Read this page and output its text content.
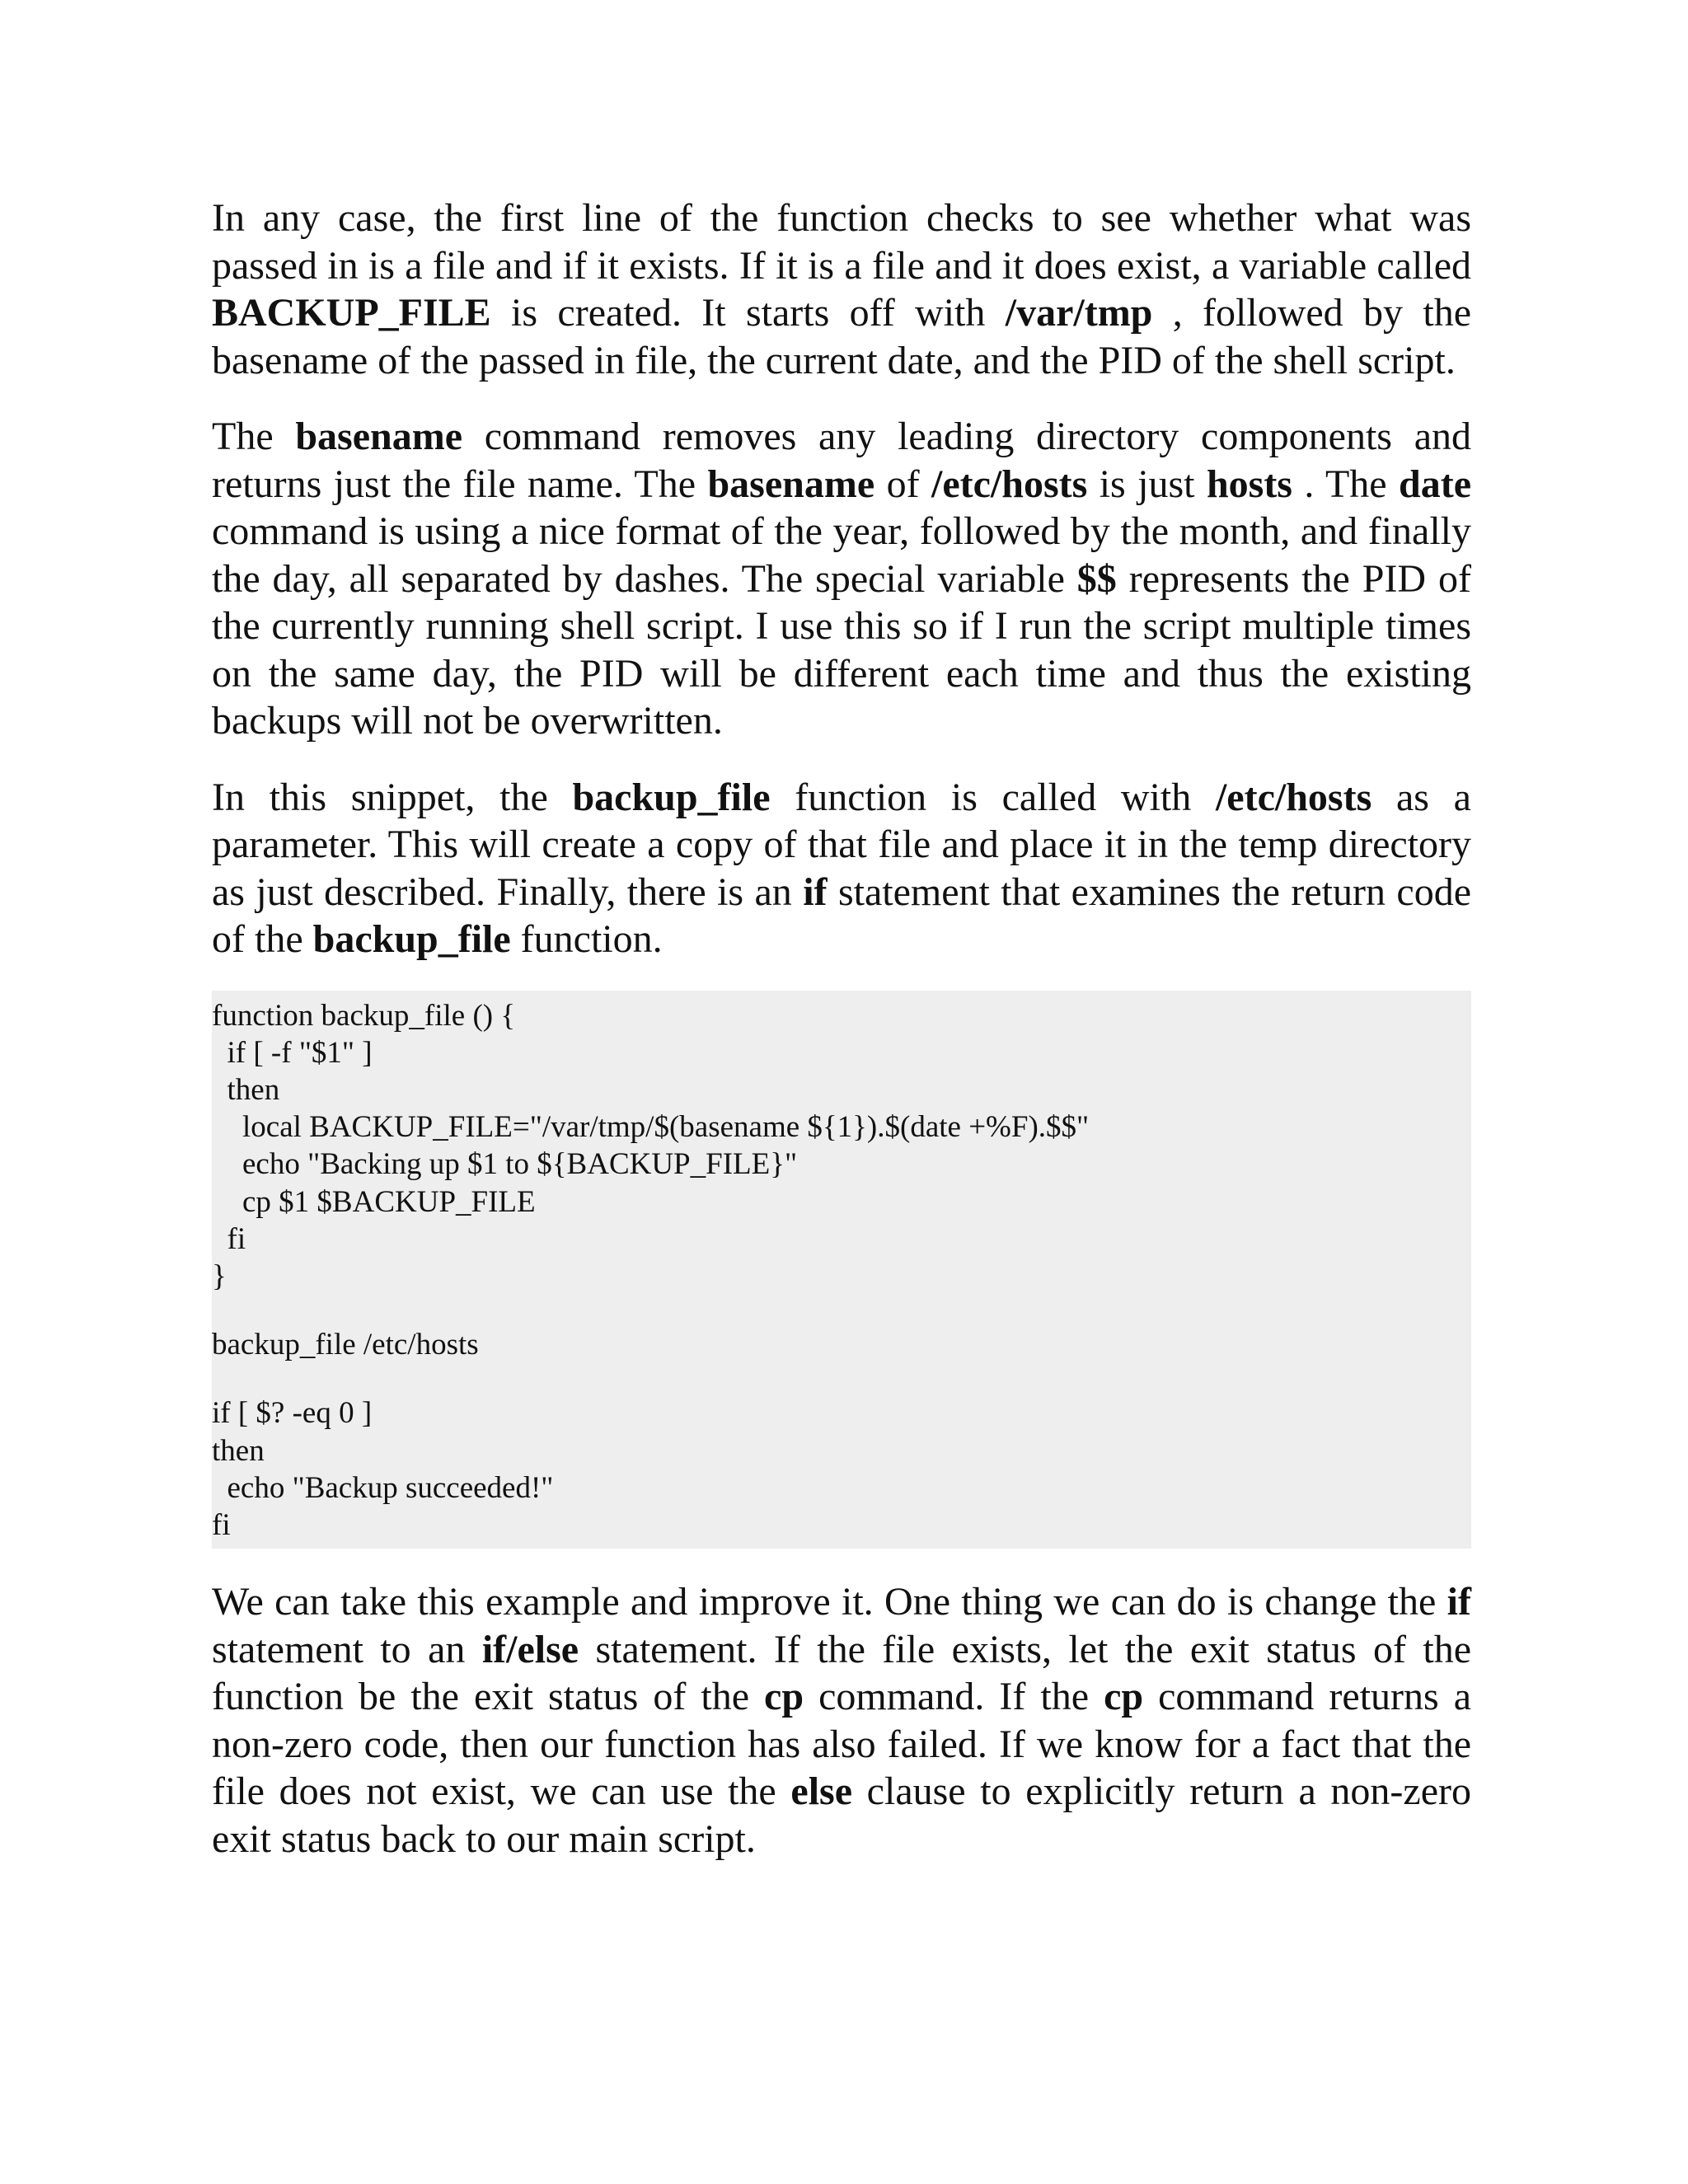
In any case, the first line of the function checks to see whether what was passed in is a file and if it exists. If it is a file and it does exist, a variable called BACKUP_FILE is created. It starts off with /var/tmp , followed by the basename of the passed in file, the current date, and the PID of the shell script.

The basename command removes any leading directory components and returns just the file name. The basename of /etc/hosts is just hosts . The date command is using a nice format of the year, followed by the month, and finally the day, all separated by dashes. The special variable $$ represents the PID of the currently running shell script. I use this so if I run the script multiple times on the same day, the PID will be different each time and thus the existing backups will not be overwritten.

In this snippet, the backup_file function is called with /etc/hosts as a parameter. This will create a copy of that file and place it in the temp directory as just described. Finally, there is an if statement that examines the return code of the backup_file function.

function backup_file () {
if [ -f "$1" ]
then
local BACKUP_FILE="/var/tmp/$(basename ${1}).$(date +%F).$$"
echo "Backing up $1 to ${BACKUP_FILE}"
cp $1 $BACKUP_FILE
fi
}
backup_file /etc/hosts
if [ $? -eq 0 ]
then
echo "Backup succeeded!"
fi

We can take this example and improve it. One thing we can do is change the if statement to an if/else statement. If the file exists, let the exit status of the function be the exit status of the cp command. If the cp command returns a non-zero code, then our function has also failed. If we know for a fact that the file does not exist, we can use the else clause to explicitly return a non-zero exit status back to our main script.
